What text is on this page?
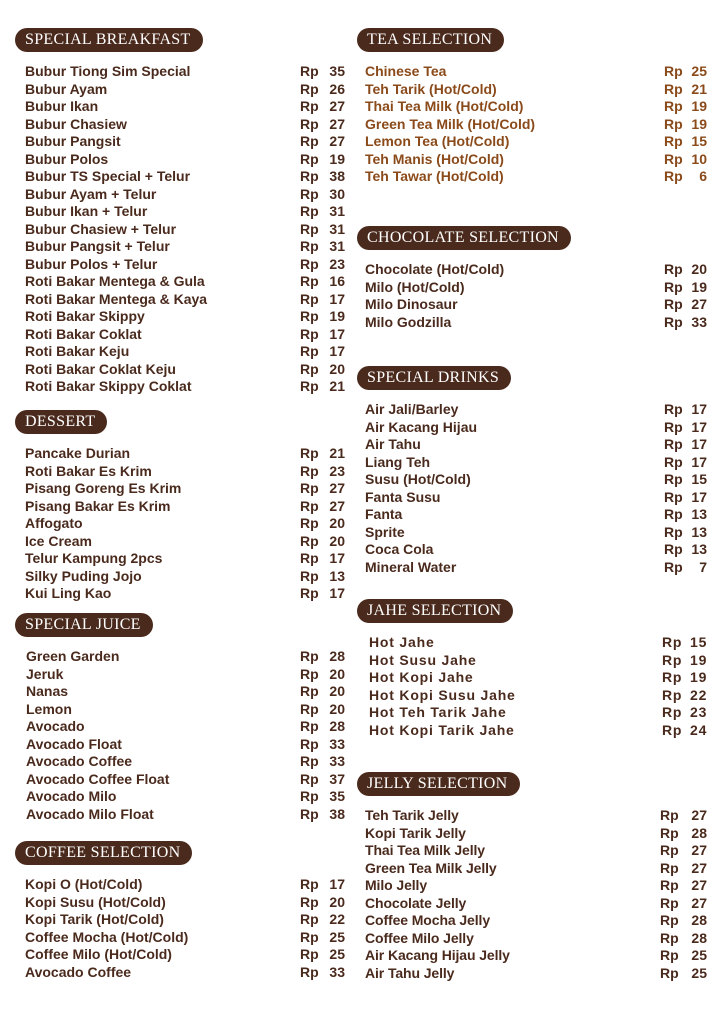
SPECIAL BREAKFAST
Bubur Tiong Sim Special	Rp 35
Bubur Ayam	Rp 26
Bubur Ikan	Rp 27
Bubur Chasiew	Rp 27
Bubur Pangsit	Rp 27
Bubur Polos	Rp 19
Bubur TS Special + Telur	Rp 38
Bubur Ayam + Telur	Rp 30
Bubur Ikan + Telur	Rp 31
Bubur Chasiew + Telur	Rp 31
Bubur Pangsit + Telur	Rp 31
Bubur Polos + Telur	Rp 23
Roti Bakar Mentega & Gula	Rp 16
Roti Bakar Mentega & Kaya	Rp 17
Roti Bakar Skippy	Rp 19
Roti Bakar Coklat	Rp 17
Roti Bakar Keju	Rp 17
Roti Bakar Coklat Keju	Rp 20
Roti Bakar Skippy Coklat	Rp 21
DESSERT
Pancake Durian	Rp 21
Roti Bakar Es Krim	Rp 23
Pisang Goreng Es Krim	Rp 27
Pisang Bakar Es Krim	Rp 27
Affogato	Rp 20
Ice Cream	Rp 20
Telur Kampung 2pcs	Rp 17
Silky Puding Jojo	Rp 13
Kui Ling Kao	Rp 17
SPECIAL JUICE
Green Garden	Rp 28
Jeruk	Rp 20
Nanas	Rp 20
Lemon	Rp 20
Avocado	Rp 28
Avocado Float	Rp 33
Avocado Coffee	Rp 33
Avocado Coffee Float	Rp 37
Avocado Milo	Rp 35
Avocado Milo Float	Rp 38
COFFEE SELECTION
Kopi O (Hot/Cold)	Rp 17
Kopi Susu (Hot/Cold)	Rp 20
Kopi Tarik (Hot/Cold)	Rp 22
Coffee Mocha (Hot/Cold)	Rp 25
Coffee Milo (Hot/Cold)	Rp 25
Avocado Coffee	Rp 33
TEA SELECTION
Chinese Tea	Rp 25
Teh Tarik (Hot/Cold)	Rp 21
Thai Tea Milk (Hot/Cold)	Rp 19
Green Tea Milk (Hot/Cold)	Rp 19
Lemon Tea (Hot/Cold)	Rp 15
Teh Manis (Hot/Cold)	Rp 10
Teh Tawar (Hot/Cold)	Rp	6
CHOCOLATE SELECTION
Chocolate (Hot/Cold)	Rp 20
Milo (Hot/Cold)	Rp 19
Milo Dinosaur	Rp 27
Milo Godzilla	Rp 33
SPECIAL DRINKS
Air Jali/Barley	Rp 17
Air Kacang Hijau	Rp 17
Air Tahu	Rp 17
Liang Teh	Rp 17
Susu (Hot/Cold)	Rp 15
Fanta Susu	Rp 17
Fanta	Rp 13
Sprite	Rp 13
Coca Cola	Rp 13
Mineral Water	Rp	7
JAHE SELECTION
Hot Jahe	Rp 15
Hot Susu Jahe	Rp 19
Hot Kopi Jahe	Rp 19
Hot Kopi Susu Jahe	Rp 22
Hot Teh Tarik Jahe	Rp 23
Hot Kopi Tarik Jahe	Rp 24
JELLY SELECTION
Teh Tarik Jelly	Rp 27
Kopi Tarik Jelly	Rp 28
Thai Tea Milk Jelly	Rp 27
Green Tea Milk Jelly	Rp 27
Milo Jelly	Rp 27
Chocolate Jelly	Rp 27
Coffee Mocha Jelly	Rp 28
Coffee Milo Jelly	Rp 28
Air Kacang Hijau Jelly	Rp 25
Air Tahu Jelly	Rp 25
